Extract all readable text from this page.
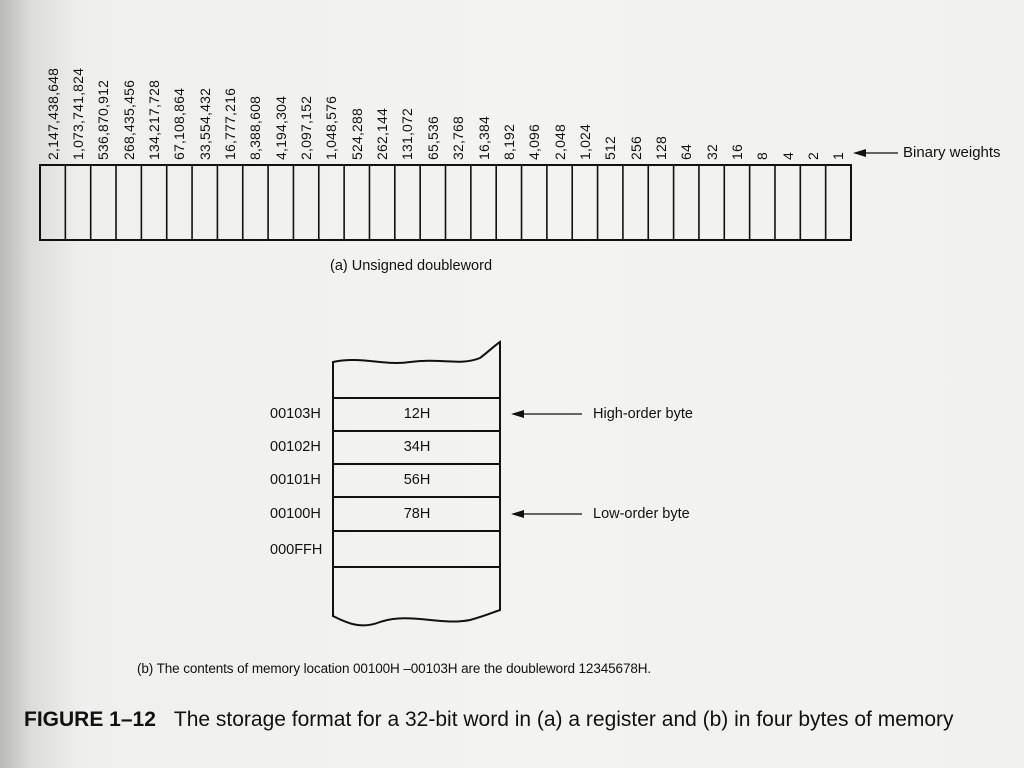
2,147,438,648 1,073,741,824 536,870,912 268,435,456 134,217,728 67,108,864 33,554,432 16,777,216 8,388,608 4,194,304 2,097,152 1,048,576 524,288 262,144 131,072 65,536 32,768 16,384 8,192 4,096 2,048 1,024 512 256 128 64 32 16 8 4 2 1	Binary weights
(a) Unsigned doubleword
00103H	12H	High-order byte
00102H	34H
00101H	56H
00100H	78H	Low-order byte
000FFH
(b) The contents of memory location 00100H –00103H are the doubleword 12345678H.
FIGURE 1–12 The storage format for a 32-bit word in (a) a register and (b) in four bytes of memory
